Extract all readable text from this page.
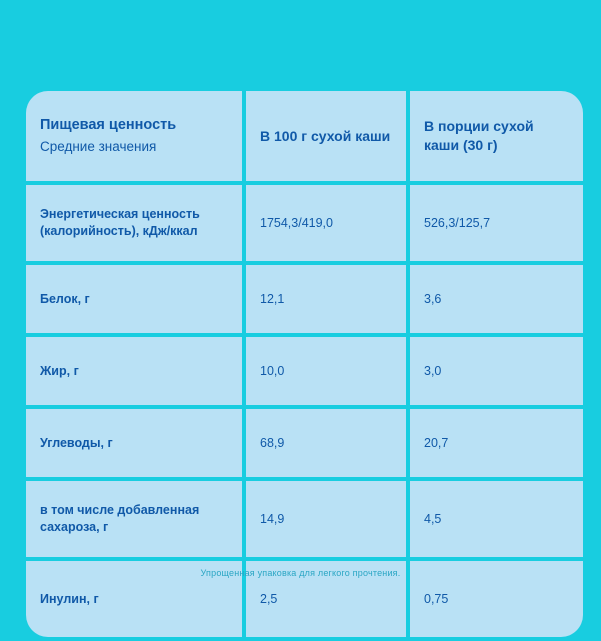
Пищевая ценность
Средние значения	В 100 г сухой каши	В порции сухой каши (30 г)

Энергетическая ценность (калорийность), кДж/ккал	1754,3/419,0	526,3/125,7
Белок, г	12,1	3,6
Жир, г	10,0	3,0
Углеводы, г	68,9	20,7
в том числе добавленная сахароза, г	14,9	4,5
Инулин, г	2,5	0,75
Упрощенная упаковка для легкого прочтения.
